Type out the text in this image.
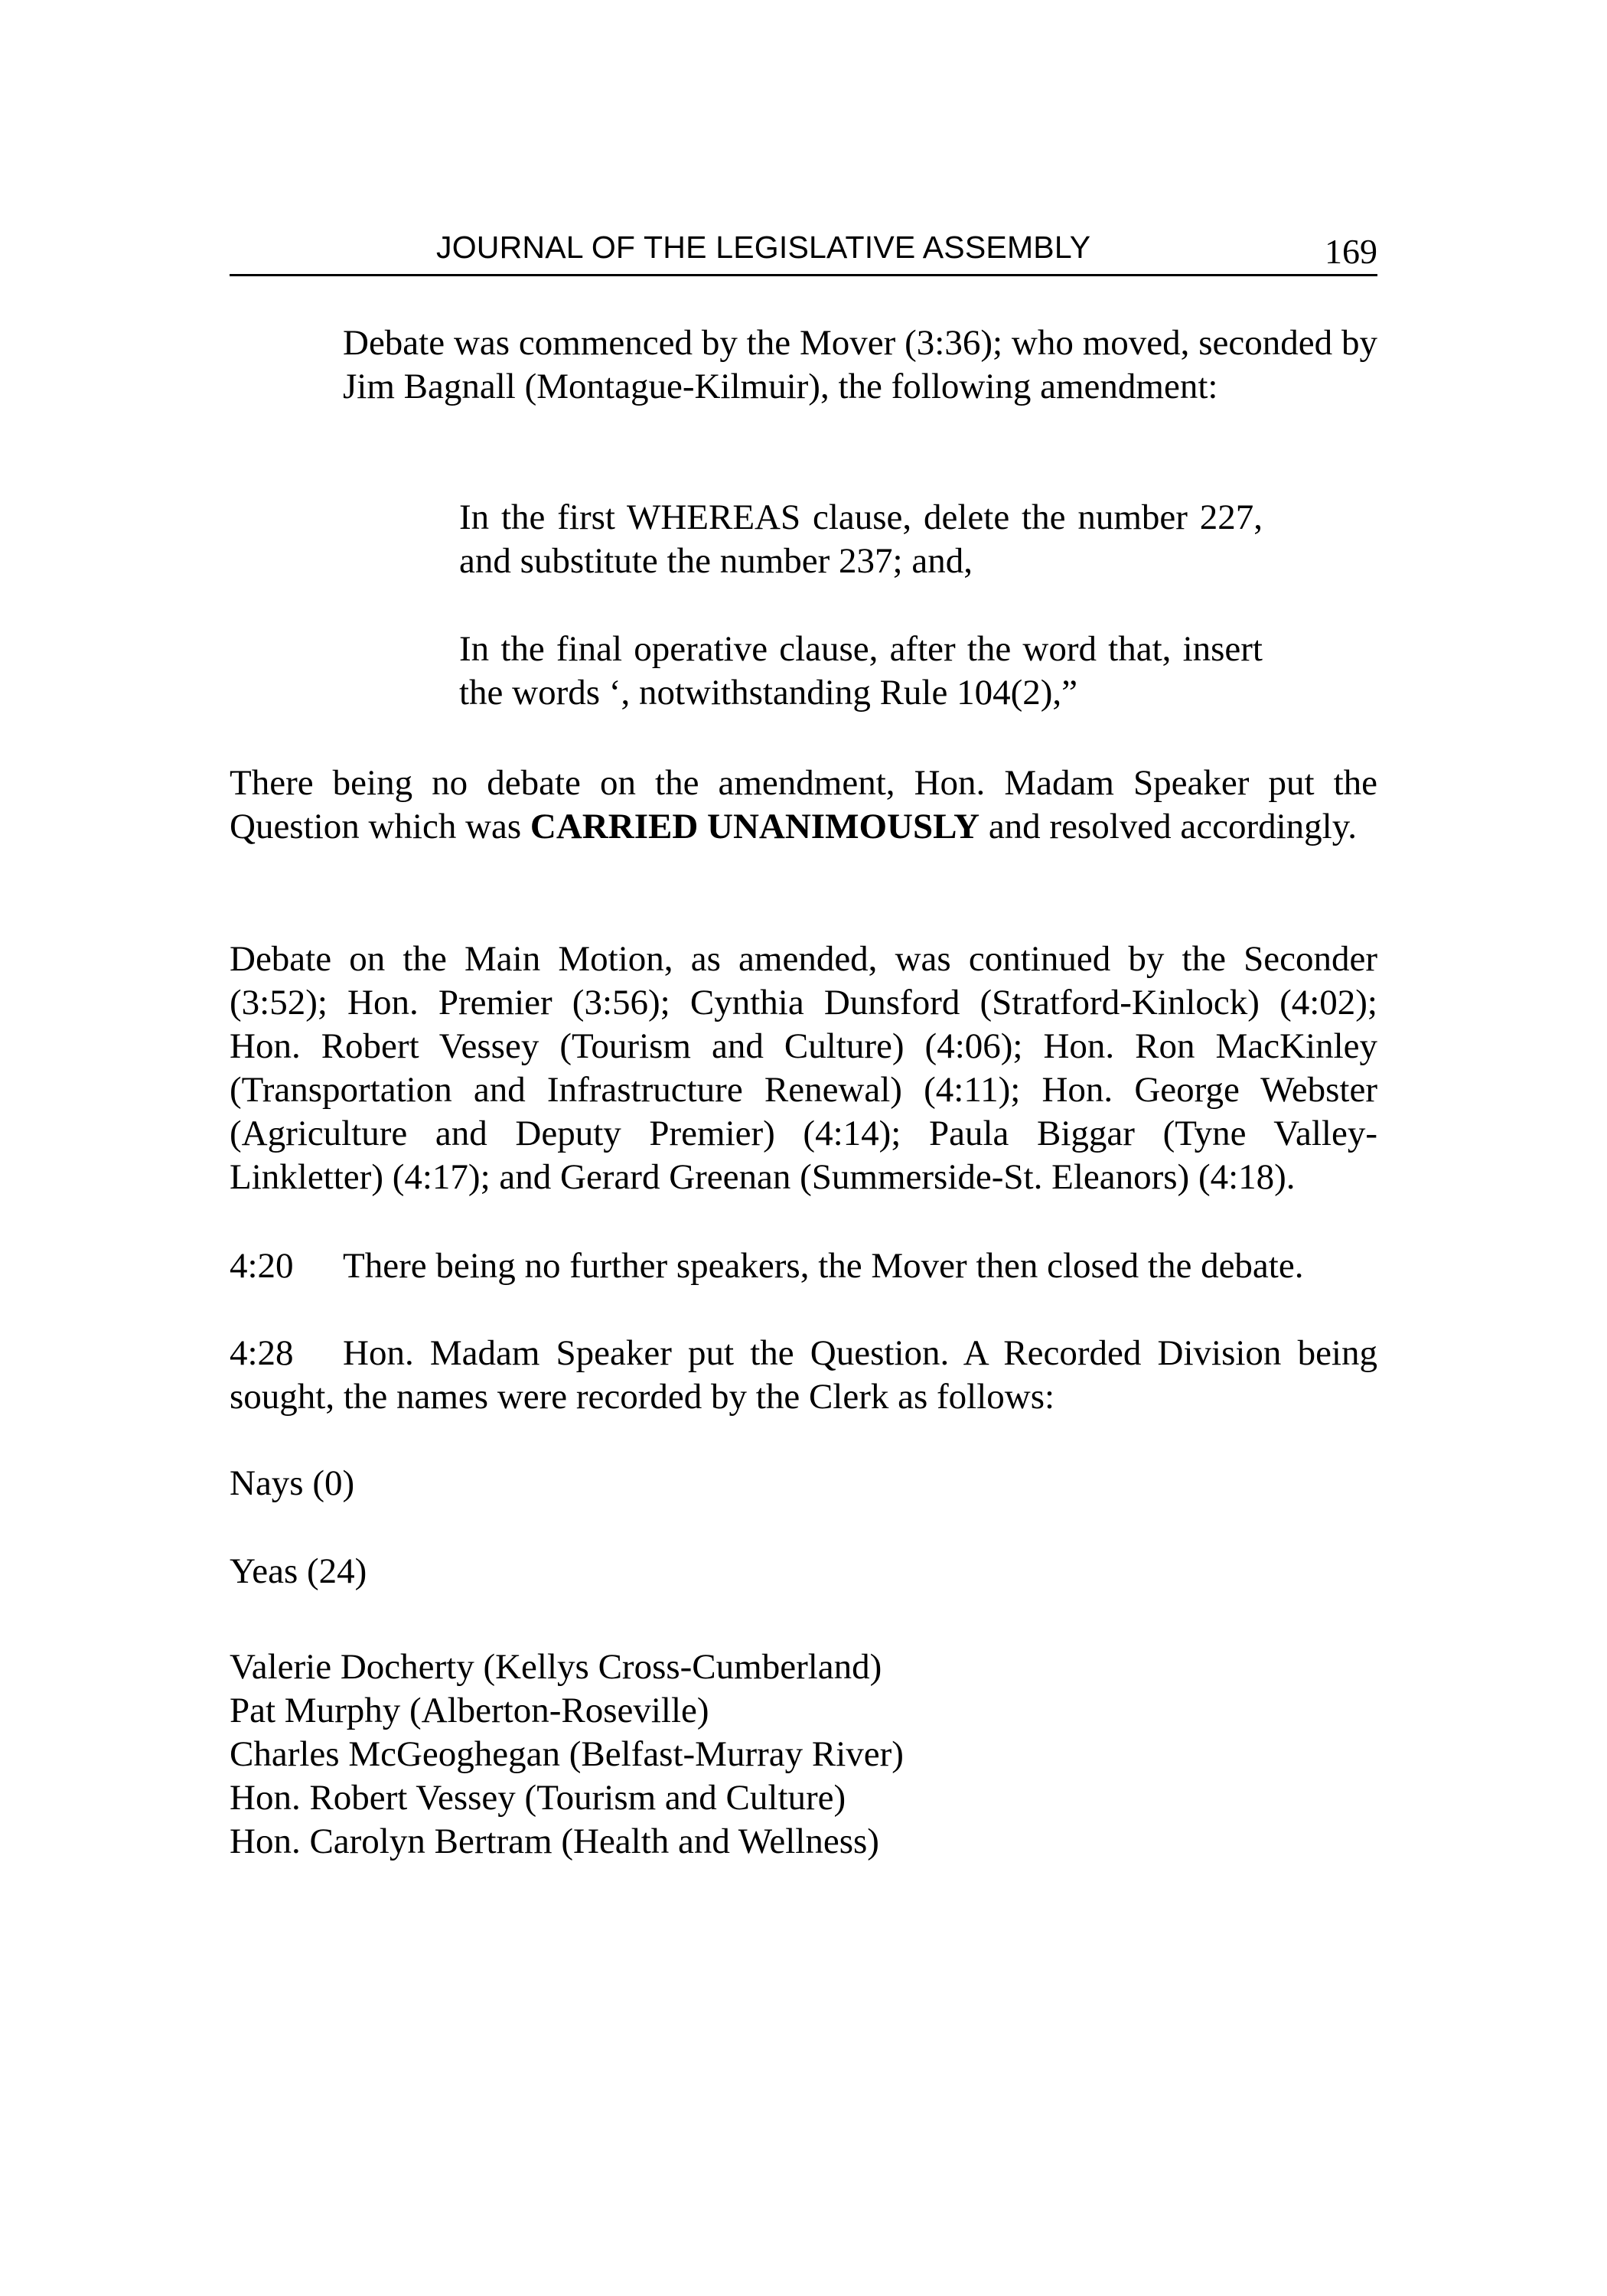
JOURNAL OF THE LEGISLATIVE ASSEMBLY	169

Debate was commenced by the Mover (3:36); who moved, seconded by Jim Bagnall (Montague-Kilmuir), the following amendment:

In the first WHEREAS clause, delete the number 227, and substitute the number 237; and,

In the final operative clause, after the word that, insert the words ‘, notwithstanding Rule 104(2),”

There being no debate on the amendment, Hon. Madam Speaker put the Question which was CARRIED UNANIMOUSLY and resolved accordingly.

Debate on the Main Motion, as amended, was continued by the Seconder (3:52); Hon. Premier (3:56); Cynthia Dunsford (Stratford-Kinlock) (4:02); Hon. Robert Vessey (Tourism and Culture) (4:06); Hon. Ron MacKinley (Transportation and Infrastructure Renewal) (4:11); Hon. George Webster (Agriculture and Deputy Premier) (4:14); Paula Biggar (Tyne Valley-Linkletter) (4:17); and Gerard Greenan (Summerside-St. Eleanors) (4:18).

4:20	There being no further speakers, the Mover then closed the debate.

4:28	Hon. Madam Speaker put the Question. A Recorded Division being sought, the names were recorded by the Clerk as follows:

Nays (0)

Yeas (24)

Valerie Docherty (Kellys Cross-Cumberland)
Pat Murphy (Alberton-Roseville)
Charles McGeoghegan (Belfast-Murray River)
Hon. Robert Vessey (Tourism and Culture)
Hon. Carolyn Bertram (Health and Wellness)
